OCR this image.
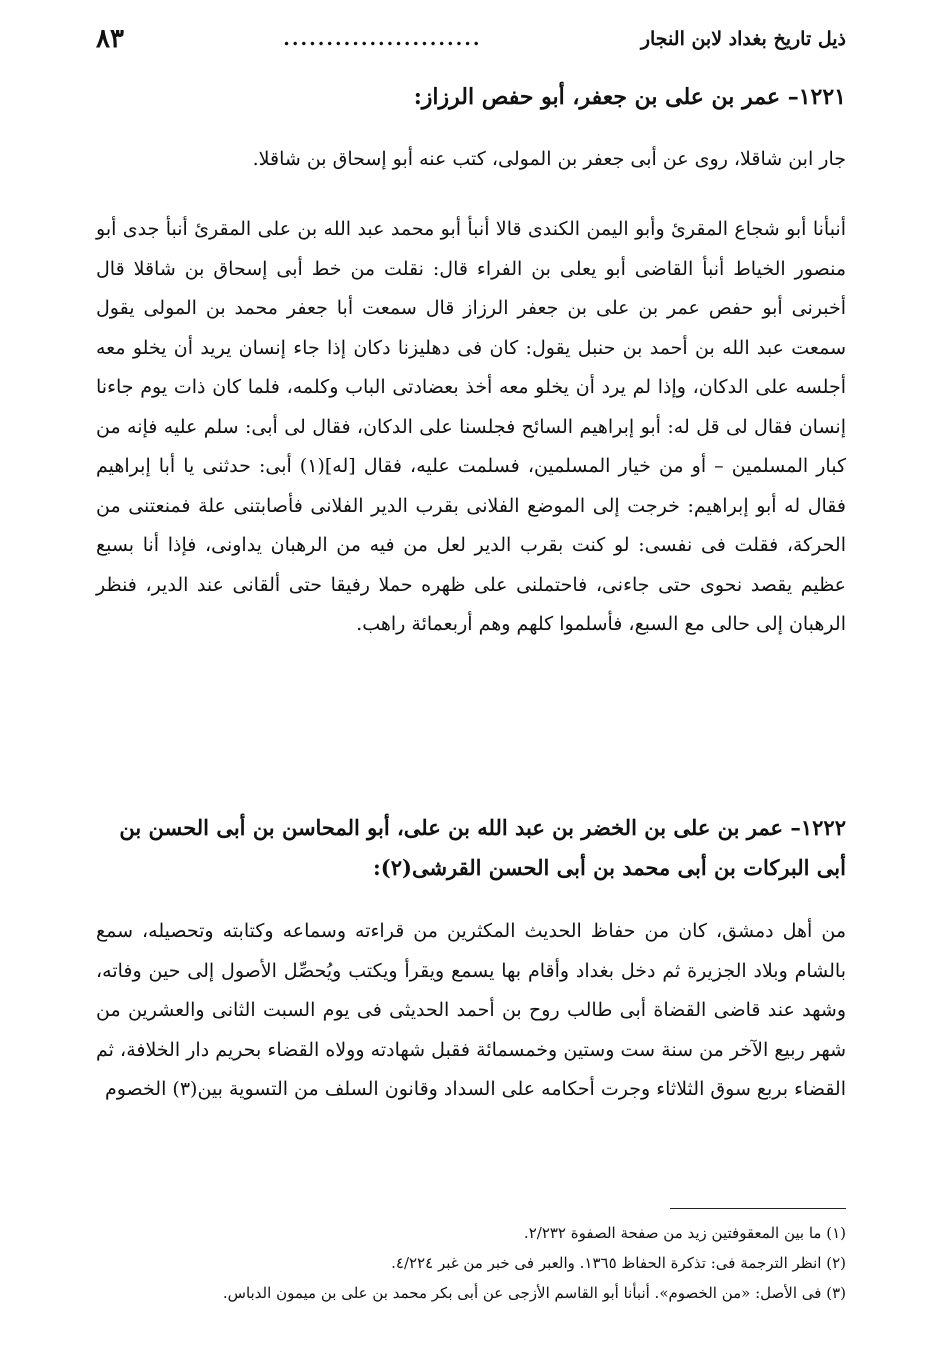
ذيل تاريخ بغداد لابن النجار
.......................
٨٣
١٢٢١– عمر بن على بن جعفر، أبو حفص الرزاز:
جار ابن شاقلا، روى عن أبى جعفر بن المولى، كتب عنه أبو إسحاق بن شاقلا.
أنبأنا أبو شجاع المقرئ وأبو اليمن الكندى قالا أنبأ أبو محمد عبد الله بن على المقرئ أنبأ جدى أبو منصور الخياط أنبأ القاضى أبو يعلى بن الفراء قال: نقلت من خط أبى إسحاق بن شاقلا قال أخبرنى أبو حفص عمر بن على بن جعفر الرزاز قال سمعت أبا جعفر محمد بن المولى يقول سمعت عبد الله بن أحمد بن حنبل يقول: كان فى دهليزنا دكان إذا جاء إنسان يريد أن يخلو معه أجلسه على الدكان، وإذا لم يرد أن يخلو معه أخذ بعضادتى الباب وكلمه، فلما كان ذات يوم جاءنا إنسان فقال لى قل له: أبو إبراهيم السائح فجلسنا على الدكان، فقال لى أبى: سلم عليه فإنه من كبار المسلمين – أو من خيار المسلمين، فسلمت عليه، فقال [له](١) أبى: حدثنى يا أبا إبراهيم فقال له أبو إبراهيم: خرجت إلى الموضع الفلانى بقرب الدير الفلانى فأصابتنى علة فمنعتنى من الحركة، فقلت فى نفسى: لو كنت بقرب الدير لعل من فيه من الرهبان يداونى، فإذا أنا بسبع عظيم يقصد نحوى حتى جاءنى، فاحتملنى على ظهره حملا رفيقا حتى ألقانى عند الدير، فنظر الرهبان إلى حالى مع السبع، فأسلموا كلهم وهم أربعمائة راهب.
١٢٢٢– عمر بن على بن الخضر بن عبد الله بن على، أبو المحاسن بن أبى الحسن بن أبى البركات بن أبى محمد بن أبى الحسن القرشى(٢):
من أهل دمشق، كان من حفاظ الحديث المكثرين من قراءته وسماعه وكتابته وتحصيله، سمع بالشام وبلاد الجزيرة ثم دخل بغداد وأقام بها يسمع ويقرأ ويكتب ويُحصِّل الأصول إلى حين وفاته، وشهد عند قاضى القضاة أبى طالب روح بن أحمد الحديثى فى يوم السبت الثانى والعشرين من شهر ربيع الآخر من سنة ست وستين وخمسمائة فقبل شهادته وولاه القضاء بحريم دار الخلافة، ثم القضاء بربع سوق الثلاثاء وجرت أحكامه على السداد وقانون السلف من التسوية بين(٣) الخصوم
(١) ما بين المعقوفتين زيد من صفحة الصفوة ٢/٢٣٢.
(٢) انظر الترجمة فى: تذكرة الحفاظ ١٣٦٥. والعبر فى خبر من غبر ٤/٢٢٤.
(٣) فى الأصل: «من الخصوم». أنبأنا أبو القاسم الأزجى عن أبى بكر محمد بن على بن ميمون الدباس.
